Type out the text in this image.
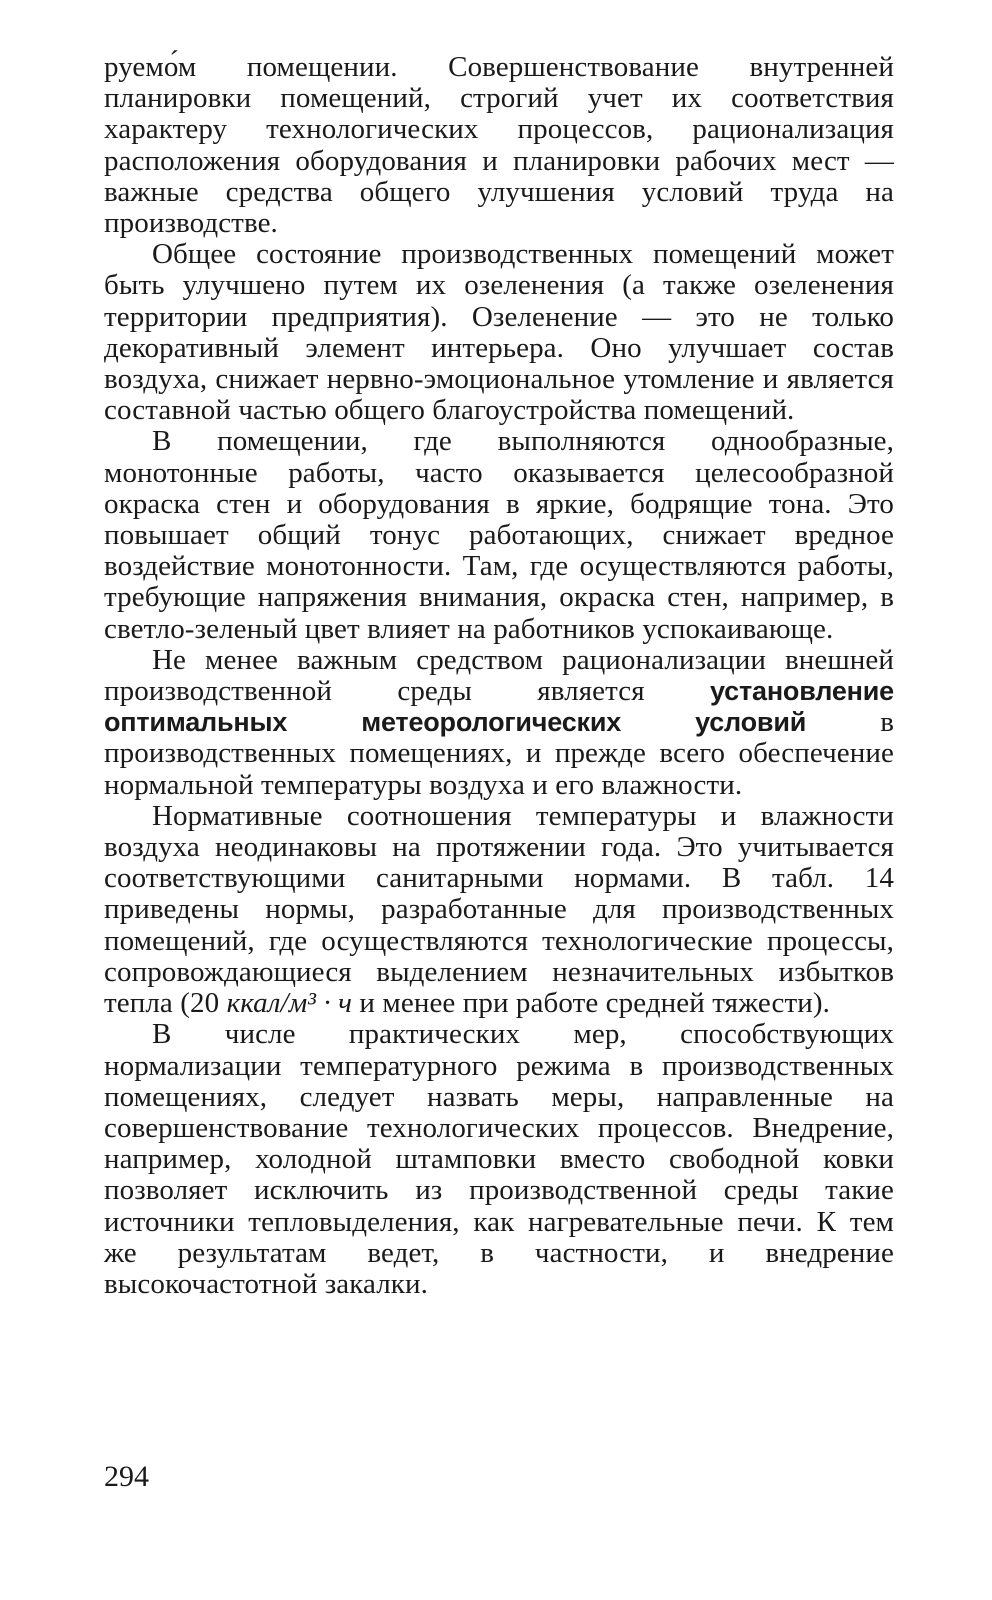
руемо́м помещении. Совершенствование внутренней планировки помещений, строгий учет их соответствия характеру технологических процессов, рационализация расположения оборудования и планировки рабочих мест — важные средства общего улучшения условий труда на производстве.

Общее состояние производственных помещений может быть улучшено путем их озеленения (а также озеленения территории предприятия). Озеленение — это не только декоративный элемент интерьера. Оно улучшает состав воздуха, снижает нервно-эмоциональное утомление и является составной частью общего благоустройства помещений.

В помещении, где выполняются однообразные, монотонные работы, часто оказывается целесообразной окраска стен и оборудования в яркие, бодрящие тона. Это повышает общий тонус работающих, снижает вредное воздействие монотонности. Там, где осуществляются работы, требующие напряжения внимания, окраска стен, например, в светло-зеленый цвет влияет на работников успокаивающе.

Не менее важным средством рационализации внешней производственной среды является установление оптимальных метеорологических условий в производственных помещениях, и прежде всего обеспечение нормальной температуры воздуха и его влажности.

Нормативные соотношения температуры и влажности воздуха неодинаковы на протяжении года. Это учитывается соответствующими санитарными нормами. В табл. 14 приведены нормы, разработанные для производственных помещений, где осуществляются технологические процессы, сопровождающиеся выделением незначительных избытков тепла (20 ккал/м³ · ч и менее при работе средней тяжести).

В числе практических мер, способствующих нормализации температурного режима в производственных помещениях, следует назвать меры, направленные на совершенствование технологических процессов. Внедрение, например, холодной штамповки вместо свободной ковки позволяет исключить из производственной среды такие источники тепловыделения, как нагревательные печи. К тем же результатам ведет, в частности, и внедрение высокочастотной закалки.

294
